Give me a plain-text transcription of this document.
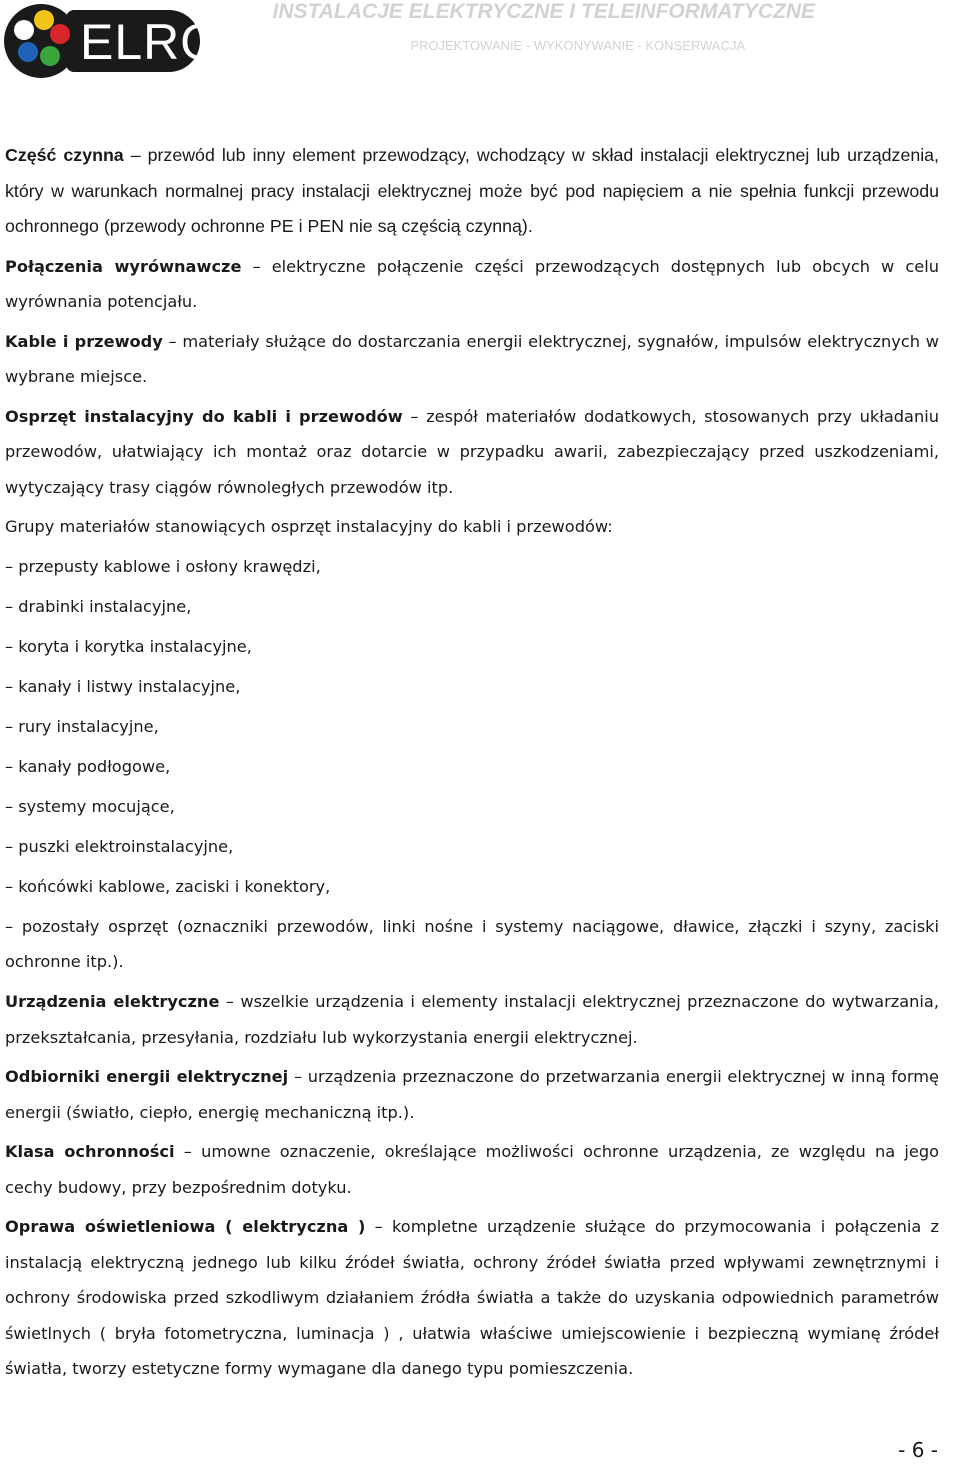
ELRO
INSTALACJE ELEKTRYCZNE I TELEINFORMATYCZNE
PROJEKTOWANIE - WYKONYWANIE - KONSERWACJA

Część czynna – przewód lub inny element przewodzący, wchodzący w skład instalacji elektrycznej lub urządzenia, który w warunkach normalnej pracy instalacji elektrycznej może być pod napięciem a nie spełnia funkcji przewodu ochronnego (przewody ochronne PE i PEN nie są częścią czynną).

Połączenia wyrównawcze – elektryczne połączenie części przewodzących dostępnych lub obcych w celu wyrównania potencjału.

Kable i przewody – materiały służące do dostarczania energii elektrycznej, sygnałów, impulsów elektrycznych w wybrane miejsce.

Osprzęt instalacyjny do kabli i przewodów – zespół materiałów dodatkowych, stosowanych przy układaniu przewodów, ułatwiający ich montaż oraz dotarcie w przypadku awarii, zabezpieczający przed uszkodzeniami, wytyczający trasy ciągów równoległych przewodów itp.

Grupy materiałów stanowiących osprzęt instalacyjny do kabli i przewodów:

– przepusty kablowe i osłony krawędzi,
– drabinki instalacyjne,
– koryta i korytka instalacyjne,
– kanały i listwy instalacyjne,
– rury instalacyjne,
– kanały podłogowe,
– systemy mocujące,
– puszki elektroinstalacyjne,
– końcówki kablowe, zaciski i konektory,
– pozostały osprzęt (oznaczniki przewodów, linki nośne i systemy naciągowe, dławice, złączki i szyny, zaciski ochronne itp.).

Urządzenia elektryczne – wszelkie urządzenia i elementy instalacji elektrycznej przeznaczone do wytwarzania, przekształcania, przesyłania, rozdziału lub wykorzystania energii elektrycznej.

Odbiorniki energii elektrycznej – urządzenia przeznaczone do przetwarzania energii elektrycznej w inną formę energii (światło, ciepło, energię mechaniczną itp.).

Klasa ochronności – umowne oznaczenie, określające możliwości ochronne urządzenia, ze względu na jego cechy budowy, przy bezpośrednim dotyku.

Oprawa oświetleniowa ( elektryczna ) – kompletne urządzenie służące do przymocowania i połączenia z instalacją elektryczną jednego lub kilku źródeł światła, ochrony źródeł światła przed wpływami zewnętrznymi i ochrony środowiska przed szkodliwym działaniem źródła światła a także do uzyskania odpowiednich parametrów świetlnych ( bryła fotometryczna, luminacja ) , ułatwia właściwe umiejscowienie i bezpieczną wymianę źródeł światła, tworzy estetyczne formy wymagane dla danego typu pomieszczenia.

- 6 -
